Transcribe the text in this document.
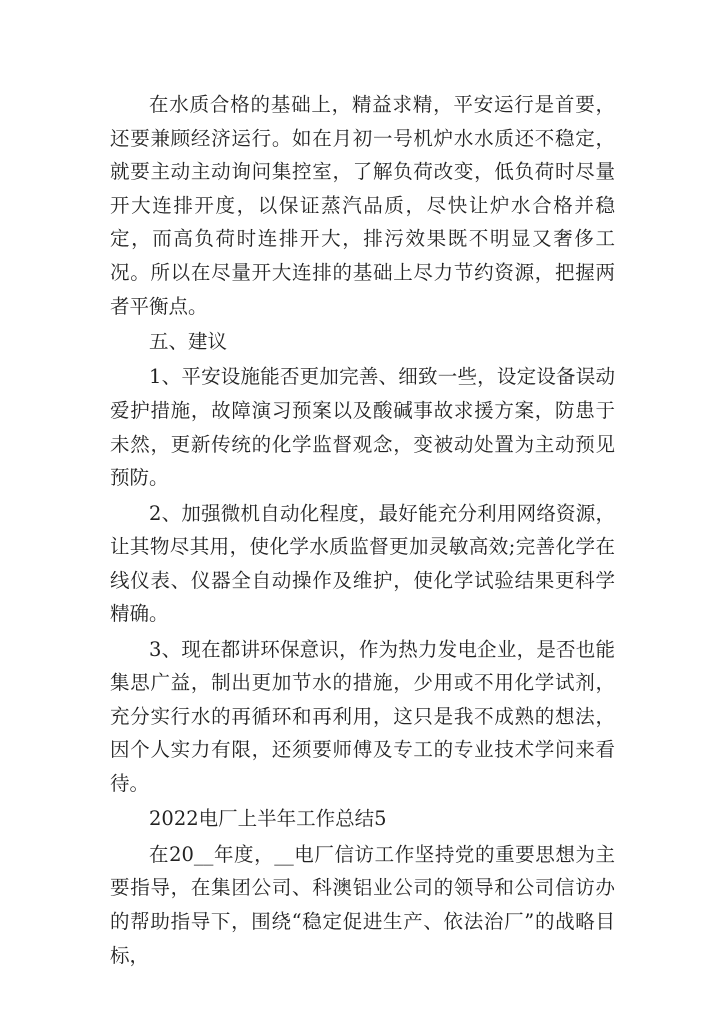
在水质合格的基础上，精益求精，平安运行是首要，还要兼顾经济运行。如在月初一号机炉水水质还不稳定，就要主动主动询问集控室，了解负荷改变，低负荷时尽量开大连排开度，以保证蒸汽品质，尽快让炉水合格并稳定，而高负荷时连排开大，排污效果既不明显又奢侈工况。所以在尽量开大连排的基础上尽力节约资源，把握两者平衡点。

五、建议

1、平安设施能否更加完善、细致一些，设定设备误动爱护措施，故障演习预案以及酸碱事故求援方案，防患于未然，更新传统的化学监督观念，变被动处置为主动预见预防。

2、加强微机自动化程度，最好能充分利用网络资源，让其物尽其用，使化学水质监督更加灵敏高效;完善化学在线仪表、仪器全自动操作及维护，使化学试验结果更科学精确。

3、现在都讲环保意识，作为热力发电企业，是否也能集思广益，制出更加节水的措施，少用或不用化学试剂，充分实行水的再循环和再利用，这只是我不成熟的想法，因个人实力有限，还须要师傅及专工的专业技术学问来看待。

2022电厂上半年工作总结5

在20__年度，__电厂信访工作坚持党的重要思想为主要指导，在集团公司、科澳铝业公司的领导和公司信访办的帮助指导下，围绕“稳定促进生产、依法治厂”的战略目标，
